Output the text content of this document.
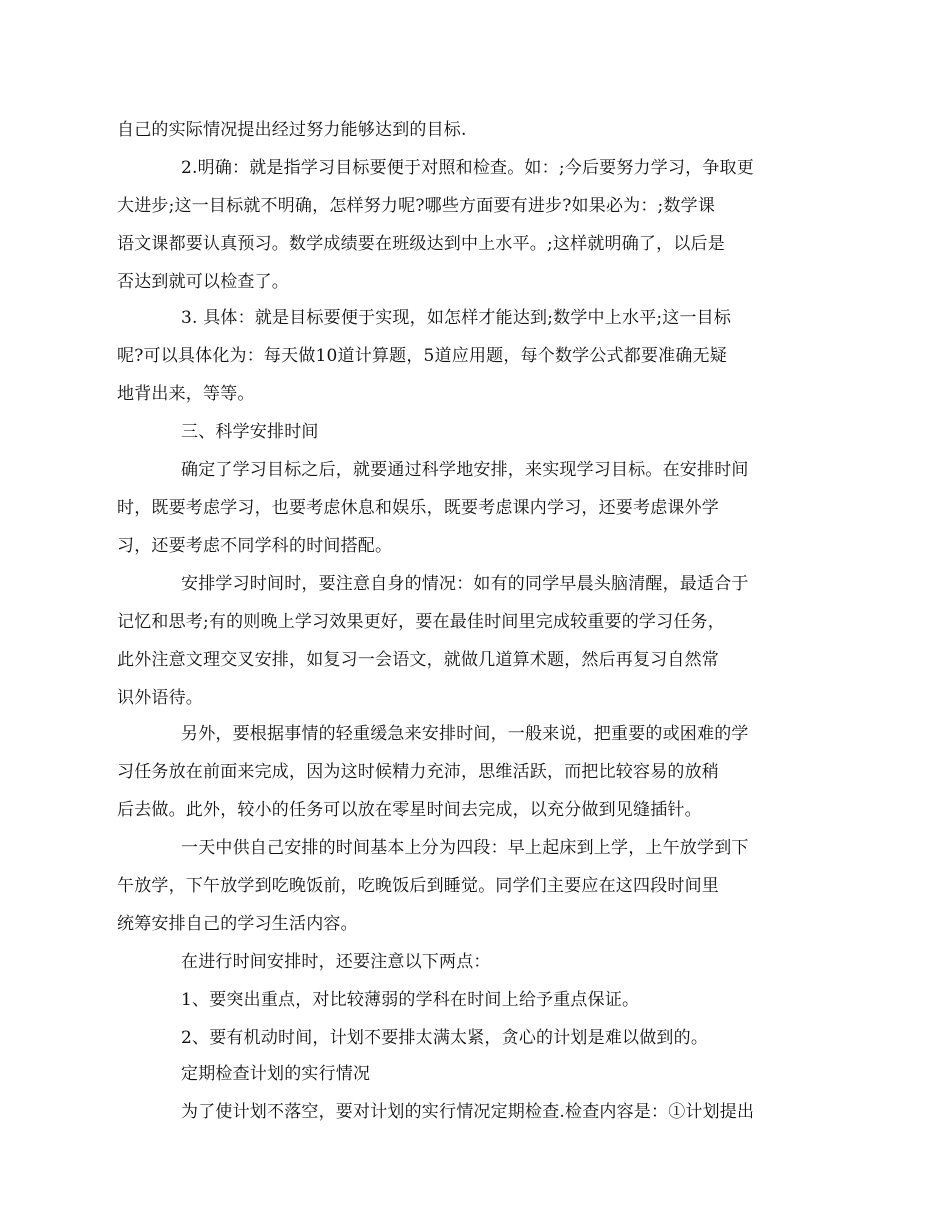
自己的实际情况提出经过努力能够达到的目标.
2.明确：就是指学习目标要便于对照和检查。如：;今后要努力学习，争取更
大进步;这一目标就不明确，怎样努力呢?哪些方面要有进步?如果必为：;数学课
语文课都要认真预习。数学成绩要在班级达到中上水平。;这样就明确了，以后是
否达到就可以检查了。
3. 具体：就是目标要便于实现，如怎样才能达到;数学中上水平;这一目标
呢?可以具体化为：每天做10道计算题，5道应用题，每个数学公式都要准确无疑
地背出来，等等。
三、科学安排时间
确定了学习目标之后，就要通过科学地安排，来实现学习目标。在安排时间
时，既要考虑学习，也要考虑休息和娱乐，既要考虑课内学习，还要考虑课外学
习，还要考虑不同学科的时间搭配。
安排学习时间时，要注意自身的情况：如有的同学早晨头脑清醒，最适合于
记忆和思考;有的则晚上学习效果更好，要在最佳时间里完成较重要的学习任务，
此外注意文理交叉安排，如复习一会语文，就做几道算术题，然后再复习自然常
识外语待。
另外，要根据事情的轻重缓急来安排时间，一般来说，把重要的或困难的学
习任务放在前面来完成，因为这时候精力充沛，思维活跃，而把比较容易的放稍
后去做。此外，较小的任务可以放在零星时间去完成，以充分做到见缝插针。
一天中供自己安排的时间基本上分为四段：早上起床到上学，上午放学到下
午放学，下午放学到吃晚饭前，吃晚饭后到睡觉。同学们主要应在这四段时间里
统筹安排自己的学习生活内容。
在进行时间安排时，还要注意以下两点：
1、要突出重点，对比较薄弱的学科在时间上给予重点保证。
2、要有机动时间，计划不要排太满太紧，贪心的计划是难以做到的。
定期检查计划的实行情况
为了使计划不落空，要对计划的实行情况定期检查.检查内容是：①计划提出
